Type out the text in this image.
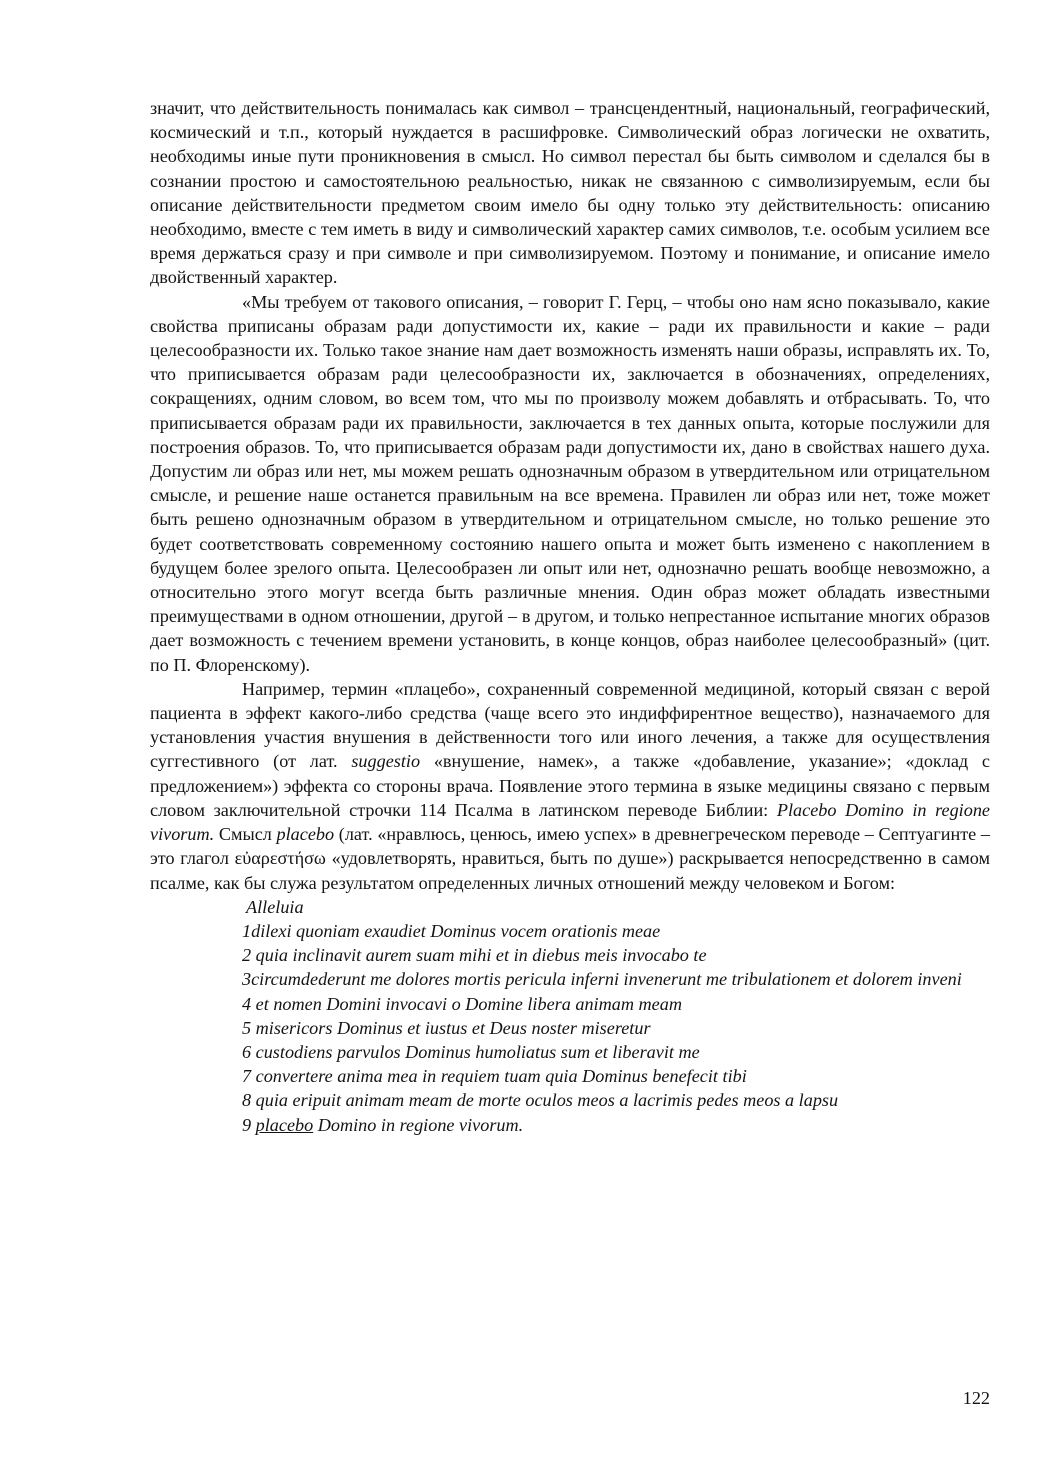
значит, что действительность понималась как символ – трансцендентный, национальный, географический, космический и т.п., который нуждается в расшифровке. Символический образ логически не охватить, необходимы иные пути проникновения в смысл. Но символ перестал бы быть символом и сделался бы в сознании простою и самостоятельною реальностью, никак не связанною с символизируемым, если бы описание действительности предметом своим имело бы одну только эту действительность: описанию необходимо, вместе с тем иметь в виду и символический характер самих символов, т.е. особым усилием все время держаться сразу и при символе и при символизируемом. Поэтому и понимание, и описание имело двойственный характер.

«Мы требуем от такового описания, – говорит Г. Герц, – чтобы оно нам ясно показывало, какие свойства приписаны образам ради допустимости их, какие – ради их правильности и какие – ради целесообразности их. Только такое знание нам дает возможность изменять наши образы, исправлять их. То, что приписывается образам ради целесообразности их, заключается в обозначениях, определениях, сокращениях, одним словом, во всем том, что мы по произволу можем добавлять и отбрасывать. То, что приписывается образам ради их правильности, заключается в тех данных опыта, которые послужили для построения образов. То, что приписывается образам ради допустимости их, дано в свойствах нашего духа. Допустим ли образ или нет, мы можем решать однозначным образом в утвердительном или отрицательном смысле, и решение наше останется правильным на все времена. Правилен ли образ или нет, тоже может быть решено однозначным образом в утвердительном и отрицательном смысле, но только решение это будет соответствовать современному состоянию нашего опыта и может быть изменено с накоплением в будущем более зрелого опыта. Целесообразен ли опыт или нет, однозначно решать вообще невозможно, а относительно этого могут всегда быть различные мнения. Один образ может обладать известными преимуществами в одном отношении, другой – в другом, и только непрестанное испытание многих образов дает возможность с течением времени установить, в конце концов, образ наиболее целесообразный» (цит. по П. Флоренскому).

Например, термин «плацебо», сохраненный современной медициной, который связан с верой пациента в эффект какого-либо средства (чаще всего это индиффирентное вещество), назначаемого для установления участия внушения в действенности того или иного лечения, а также для осуществления суггестивного (от лат. suggestio «внушение, намек», а также «добавление, указание»; «доклад с предложением») эффекта со стороны врача. Появление этого термина в языке медицины связано с первым словом заключительной строчки 114 Псалма в латинском переводе Библии: Placebo Domino in regione vivorum. Смысл placebo (лат. «нравлюсь, ценюсь, имею успех» в древнегреческом переводе – Септуагинте – это глагол εὐαρεστήσω «удовлетворять, нравиться, быть по душе») раскрывается непосредственно в самом псалме, как бы служа результатом определенных личных отношений между человеком и Богом:

Alleluia

1dilexi quoniam exaudiet Dominus vocem orationis meae

2 quia inclinavit aurem suam mihi et in diebus meis invocabo te

3circumdederunt me dolores mortis pericula inferni invenerunt me tribulationem et dolorem inveni

4 et nomen Domini invocavi o Domine libera animam meam

5 misericors Dominus et iustus et Deus noster miseretur

6 custodiens parvulos Dominus humoliatus sum et liberavit me

7 convertere anima mea in requiem tuam quia Dominus benefecit tibi

8 quia eripuit animam meam de morte oculos meos a lacrimis pedes meos a lapsu

9 placebo Domino in regione vivorum.

122
